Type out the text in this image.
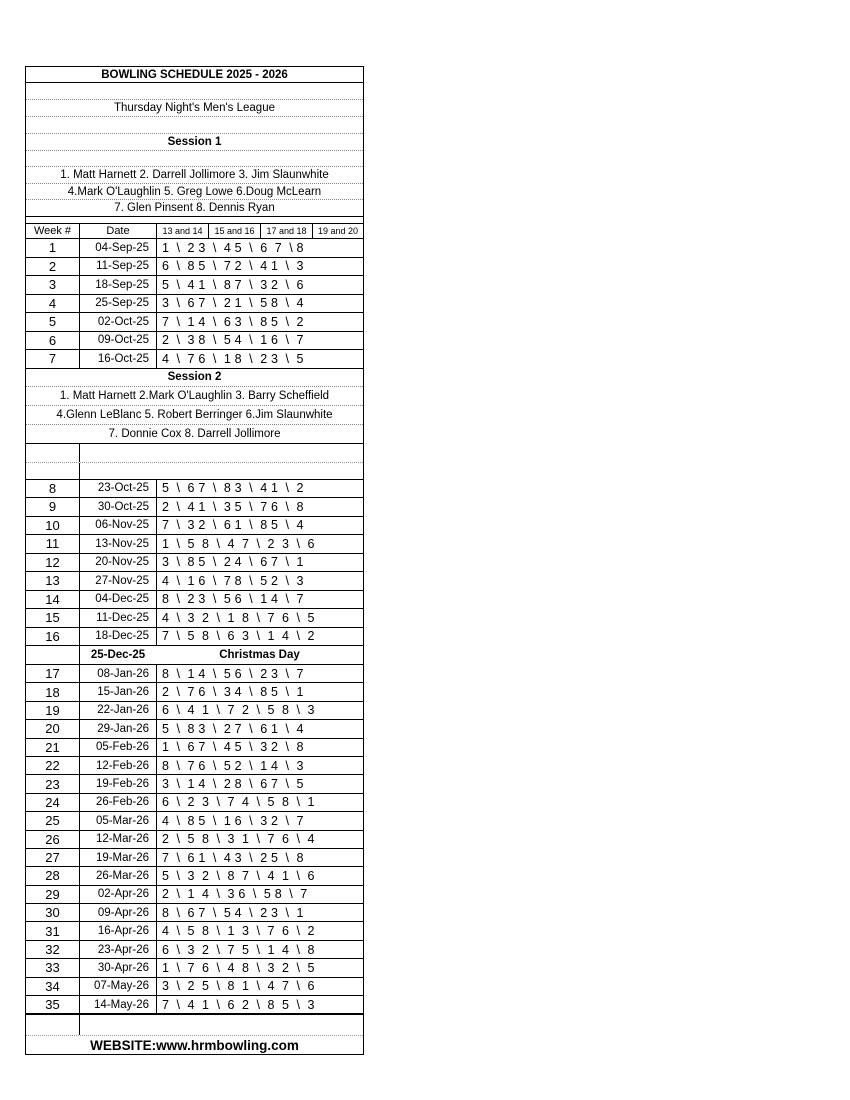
BOWLING SCHEDULE 2025 - 2026
Thursday Night's Men's League
Session 1
1. Matt Harnett 2. Darrell Jollimore 3. Jim Slaunwhite
4.Mark O'Laughlin 5. Greg Lowe 6.Doug McLearn
7. Glen Pinsent 8. Dennis Ryan
Week #	Date	13 and 14	15 and 16	17 and 18	19 and 20
1	04-Sep-25	1  \  2 3  \  4 5  \  6  7  \ 8
2	11-Sep-25	6  \  8 5  \  7 2  \  4 1  \  3
3	18-Sep-25	5  \  4 1  \  8 7  \  3 2  \  6
4	25-Sep-25	3  \  6 7  \  2 1  \  5 8  \  4
5	02-Oct-25	7  \  1 4  \  6 3  \  8 5  \  2
6	09-Oct-25	2  \  3 8  \  5 4  \  1 6  \  7
7	16-Oct-25	4  \  7 6  \  1 8  \  2 3  \  5
Session 2
1. Matt Harnett 2.Mark O'Laughlin 3. Barry Scheffield
4.Glenn LeBlanc 5. Robert Berringer 6.Jim Slaunwhite
7. Donnie Cox 8. Darrell Jollimore
8	23-Oct-25	5  \  6 7  \  8 3  \  4 1  \  2
9	30-Oct-25	2  \  4 1  \  3 5  \  7 6  \  8
10	06-Nov-25	7  \  3 2  \  6 1  \  8 5  \  4
11	13-Nov-25	1  \  5  8  \  4  7  \  2  3  \  6
12	20-Nov-25	3  \  8 5  \  2 4  \  6 7  \  1
13	27-Nov-25	4  \  1 6  \  7 8  \  5 2  \  3
14	04-Dec-25	8  \  2 3  \  5 6  \  1 4  \  7
15	11-Dec-25	4  \  3  2  \  1  8  \  7  6  \  5
16	18-Dec-25	7  \  5  8  \  6  3  \  1  4  \  2
25-Dec-25	Christmas Day
17	08-Jan-26	8  \  1 4  \  5 6  \  2 3  \  7
18	15-Jan-26	2  \  7 6  \  3 4  \  8 5  \  1
19	22-Jan-26	6  \  4  1  \  7  2  \  5  8  \  3
20	29-Jan-26	5  \  8 3  \  2 7  \  6 1  \  4
21	05-Feb-26	1  \  6 7  \  4 5  \  3 2  \  8
22	12-Feb-26	8  \  7 6  \  5 2  \  1 4  \  3
23	19-Feb-26	3  \  1 4  \  2 8  \  6 7  \  5
24	26-Feb-26	6  \  2  3  \  7  4  \  5  8  \  1
25	05-Mar-26	4  \  8 5  \  1 6  \  3 2  \  7
26	12-Mar-26	2  \  5  8  \  3  1  \  7  6  \  4
27	19-Mar-26	7  \  6 1  \  4 3  \  2 5  \  8
28	26-Mar-26	5  \  3  2  \  8  7  \  4  1  \  6
29	02-Apr-26	2  \  1  4  \  3 6  \  5 8  \  7
30	09-Apr-26	8  \  6 7  \  5 4  \  2 3  \  1
31	16-Apr-26	4  \  5  8  \  1  3  \  7  6  \  2
32	23-Apr-26	6  \  3  2  \  7  5  \  1  4  \  8
33	30-Apr-26	1  \  7  6  \  4  8  \  3  2  \  5
34	07-May-26	3  \  2  5  \  8  1  \  4  7  \  6
35	14-May-26	7  \  4  1  \  6  2  \  8  5  \  3
WEBSITE:www.hrmbowling.com
